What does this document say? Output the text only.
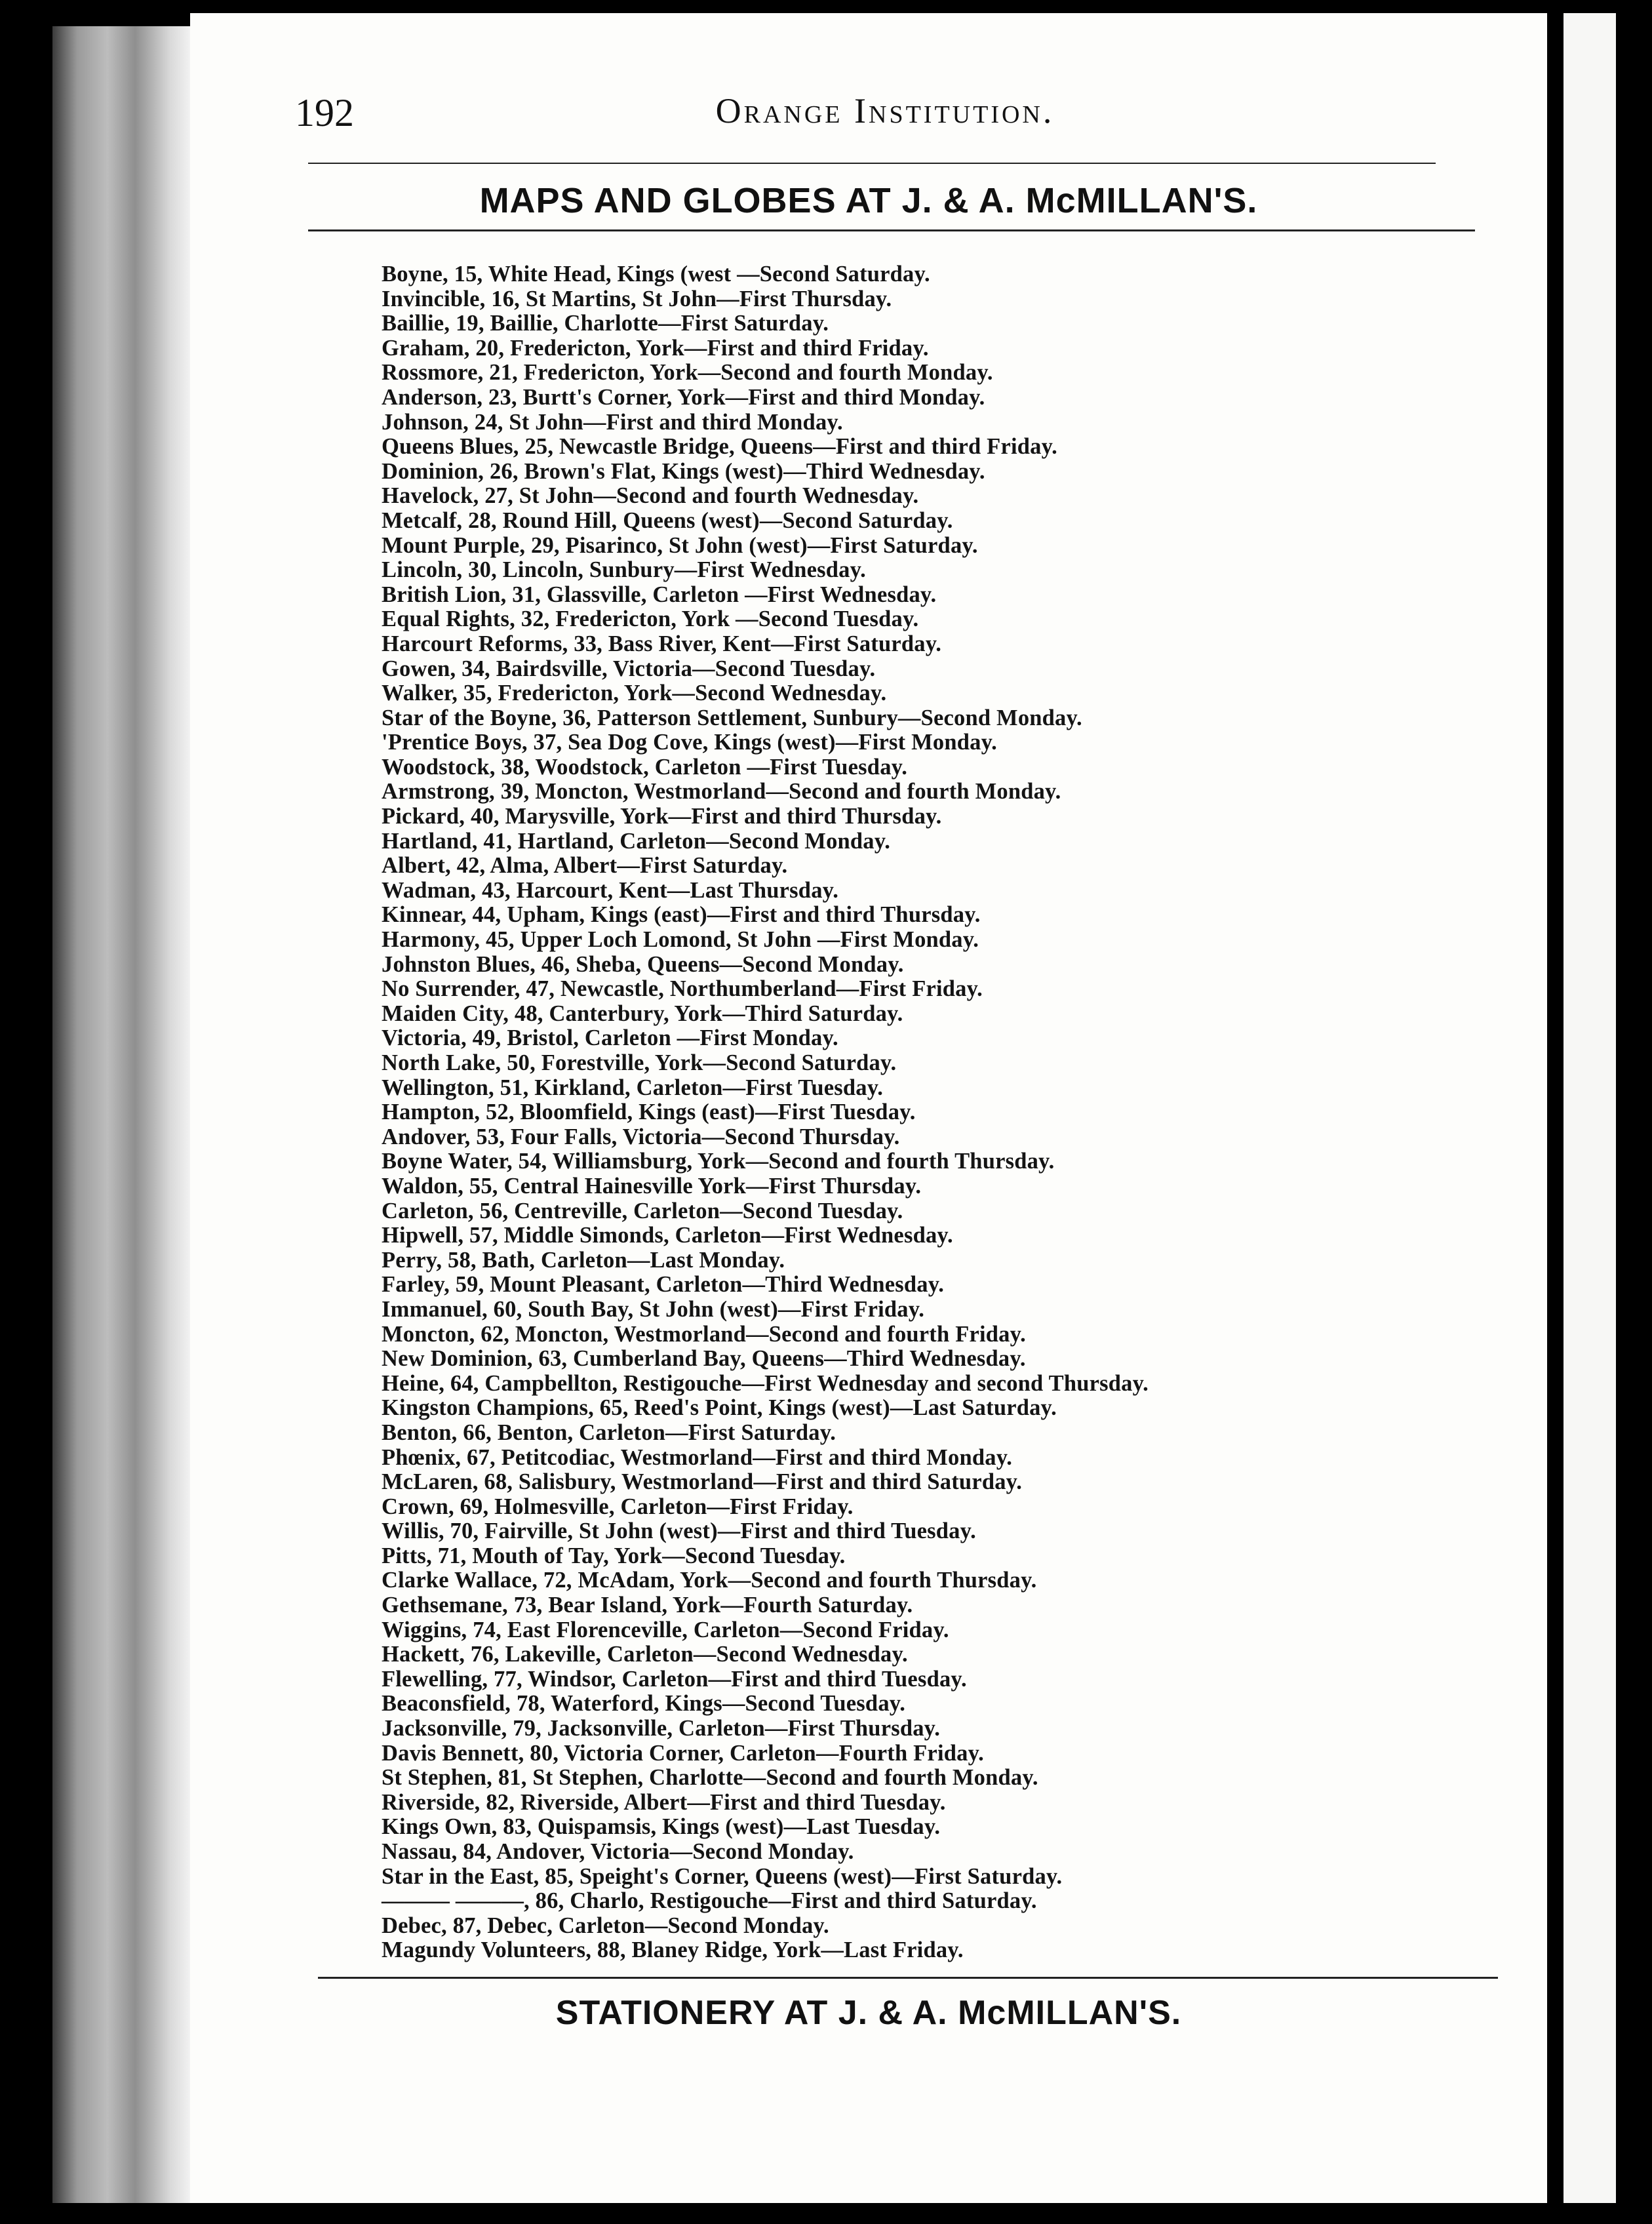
192	Orange Institution.
MAPS AND GLOBES AT J. & A. McMILLAN'S.
Boyne, 15, White Head, Kings (west —Second Saturday.
Invincible, 16, St Martins, St John—First Thursday.
Baillie, 19, Baillie, Charlotte—First Saturday.
Graham, 20, Fredericton, York—First and third Friday.
Rossmore, 21, Fredericton, York—Second and fourth Monday.
Anderson, 23, Burtt's Corner, York—First and third Monday.
Johnson, 24, St John—First and third Monday.
Queens Blues, 25, Newcastle Bridge, Queens—First and third Friday.
Dominion, 26, Brown's Flat, Kings (west)—Third Wednesday.
Havelock, 27, St John—Second and fourth Wednesday.
Metcalf, 28, Round Hill, Queens (west)—Second Saturday.
Mount Purple, 29, Pisarinco, St John (west)—First Saturday.
Lincoln, 30, Lincoln, Sunbury—First Wednesday.
British Lion, 31, Glassville, Carleton —First Wednesday.
Equal Rights, 32, Fredericton, York —Second Tuesday.
Harcourt Reforms, 33, Bass River, Kent—First Saturday.
Gowen, 34, Bairdsville, Victoria—Second Tuesday.
Walker, 35, Fredericton, York—Second Wednesday.
Star of the Boyne, 36, Patterson Settlement, Sunbury—Second Monday.
'Prentice Boys, 37, Sea Dog Cove, Kings (west)—First Monday.
Woodstock, 38, Woodstock, Carleton —First Tuesday.
Armstrong, 39, Moncton, Westmorland—Second and fourth Monday.
Pickard, 40, Marysville, York—First and third Thursday.
Hartland, 41, Hartland, Carleton—Second Monday.
Albert, 42, Alma, Albert—First Saturday.
Wadman, 43, Harcourt, Kent—Last Thursday.
Kinnear, 44, Upham, Kings (east)—First and third Thursday.
Harmony, 45, Upper Loch Lomond, St John —First Monday.
Johnston Blues, 46, Sheba, Queens—Second Monday.
No Surrender, 47, Newcastle, Northumberland—First Friday.
Maiden City, 48, Canterbury, York—Third Saturday.
Victoria, 49, Bristol, Carleton —First Monday.
North Lake, 50, Forestville, York—Second Saturday.
Wellington, 51, Kirkland, Carleton—First Tuesday.
Hampton, 52, Bloomfield, Kings (east)—First Tuesday.
Andover, 53, Four Falls, Victoria—Second Thursday.
Boyne Water, 54, Williamsburg, York—Second and fourth Thursday.
Waldon, 55, Central Hainesville York—First Thursday.
Carleton, 56, Centreville, Carleton—Second Tuesday.
Hipwell, 57, Middle Simonds, Carleton—First Wednesday.
Perry, 58, Bath, Carleton—Last Monday.
Farley, 59, Mount Pleasant, Carleton—Third Wednesday.
Immanuel, 60, South Bay, St John (west)—First Friday.
Moncton, 62, Moncton, Westmorland—Second and fourth Friday.
New Dominion, 63, Cumberland Bay, Queens—Third Wednesday.
Heine, 64, Campbellton, Restigouche—First Wednesday and second Thursday.
Kingston Champions, 65, Reed's Point, Kings (west)—Last Saturday.
Benton, 66, Benton, Carleton—First Saturday.
Phœnix, 67, Petitcodiac, Westmorland—First and third Monday.
McLaren, 68, Salisbury, Westmorland—First and third Saturday.
Crown, 69, Holmesville, Carleton—First Friday.
Willis, 70, Fairville, St John (west)—First and third Tuesday.
Pitts, 71, Mouth of Tay, York—Second Tuesday.
Clarke Wallace, 72, McAdam, York—Second and fourth Thursday.
Gethsemane, 73, Bear Island, York—Fourth Saturday.
Wiggins, 74, East Florenceville, Carleton—Second Friday.
Hackett, 76, Lakeville, Carleton—Second Wednesday.
Flewelling, 77, Windsor, Carleton—First and third Tuesday.
Beaconsfield, 78, Waterford, Kings—Second Tuesday.
Jacksonville, 79, Jacksonville, Carleton—First Thursday.
Davis Bennett, 80, Victoria Corner, Carleton—Fourth Friday.
St Stephen, 81, St Stephen, Charlotte—Second and fourth Monday.
Riverside, 82, Riverside, Albert—First and third Tuesday.
Kings Own, 83, Quispamsis, Kings (west)—Last Tuesday.
Nassau, 84, Andover, Victoria—Second Monday.
Star in the East, 85, Speight's Corner, Queens (west)—First Saturday.
——— ———, 86, Charlo, Restigouche—First and third Saturday.
Debec, 87, Debec, Carleton—Second Monday.
Magundy Volunteers, 88, Blaney Ridge, York—Last Friday.
STATIONERY AT J. & A. McMILLAN'S.
